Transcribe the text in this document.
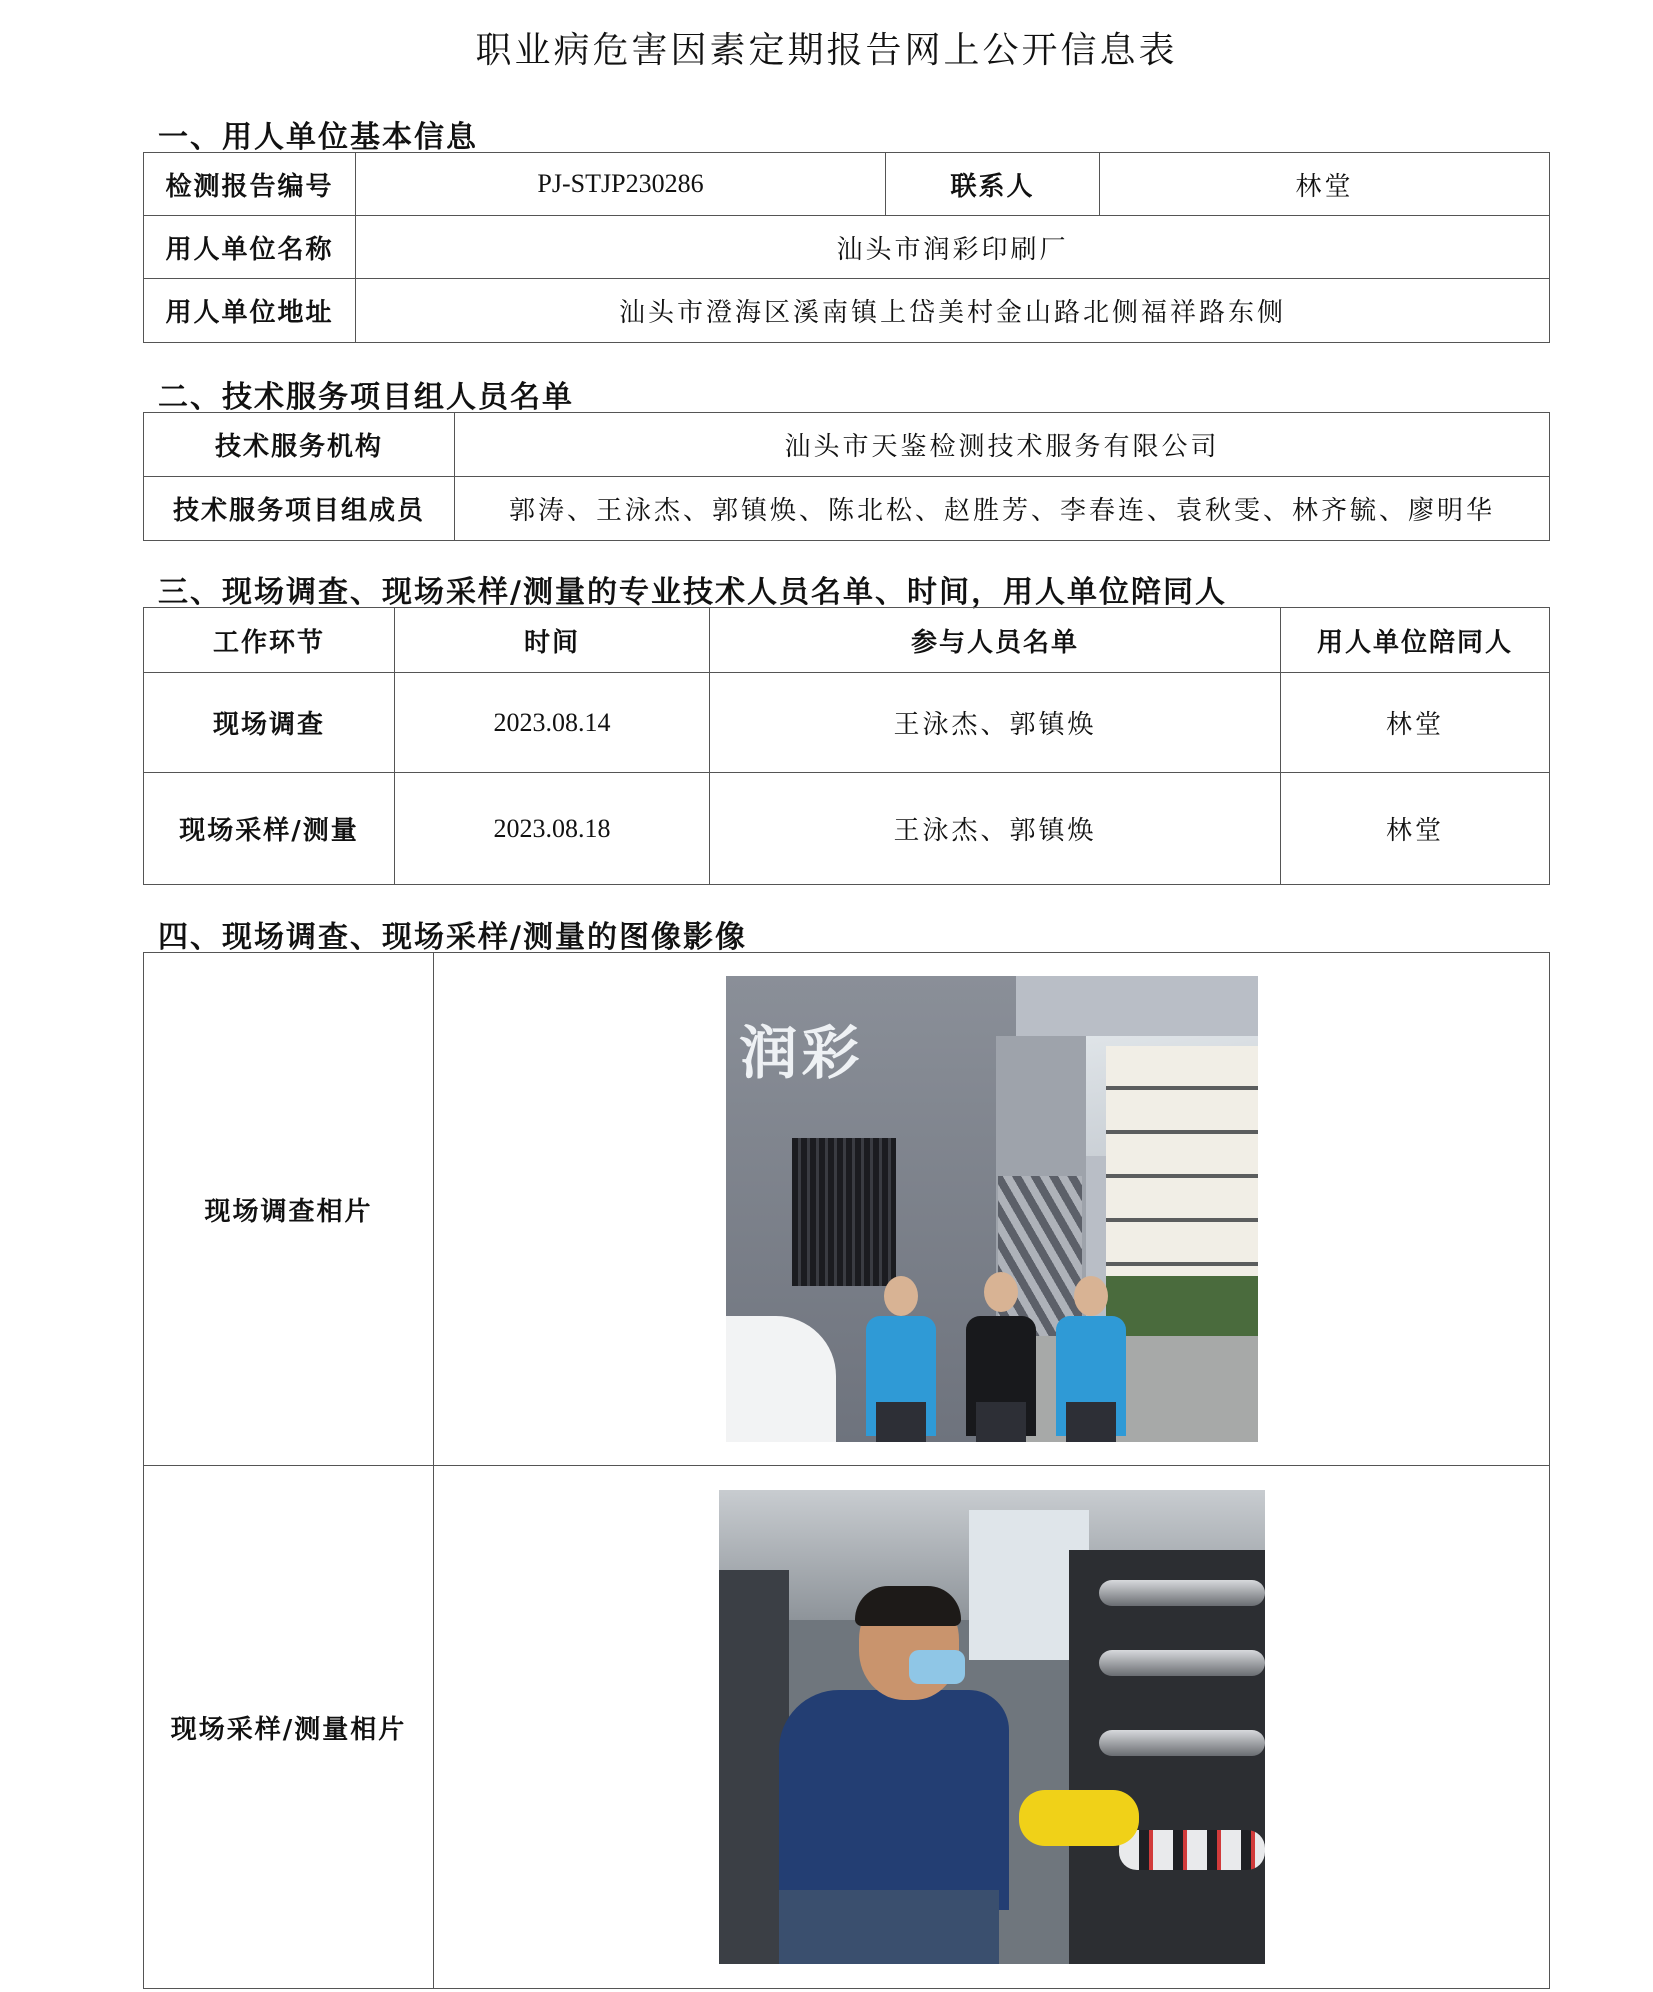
职业病危害因素定期报告网上公开信息表
一、用人单位基本信息
检测报告编号	PJ-STJP230286	联系人	林堂
用人单位名称	汕头市润彩印刷厂		
用人单位地址	汕头市澄海区溪南镇上岱美村金山路北侧福祥路东侧		
二、技术服务项目组人员名单
技术服务机构	汕头市天鉴检测技术服务有限公司
技术服务项目组成员	郭涛、王泳杰、郭镇焕、陈北松、赵胜芳、李春连、袁秋雯、林齐毓、廖明华
三、现场调查、现场采样/测量的专业技术人员名单、时间，用人单位陪同人
工作环节	时间	参与人员名单	用人单位陪同人
现场调查	2023.08.14	王泳杰、郭镇焕	林堂
现场采样/测量	2023.08.18	王泳杰、郭镇焕	林堂
四、现场调查、现场采样/测量的图像影像
现场调查相片	润彩

现场采样/测量相片	
